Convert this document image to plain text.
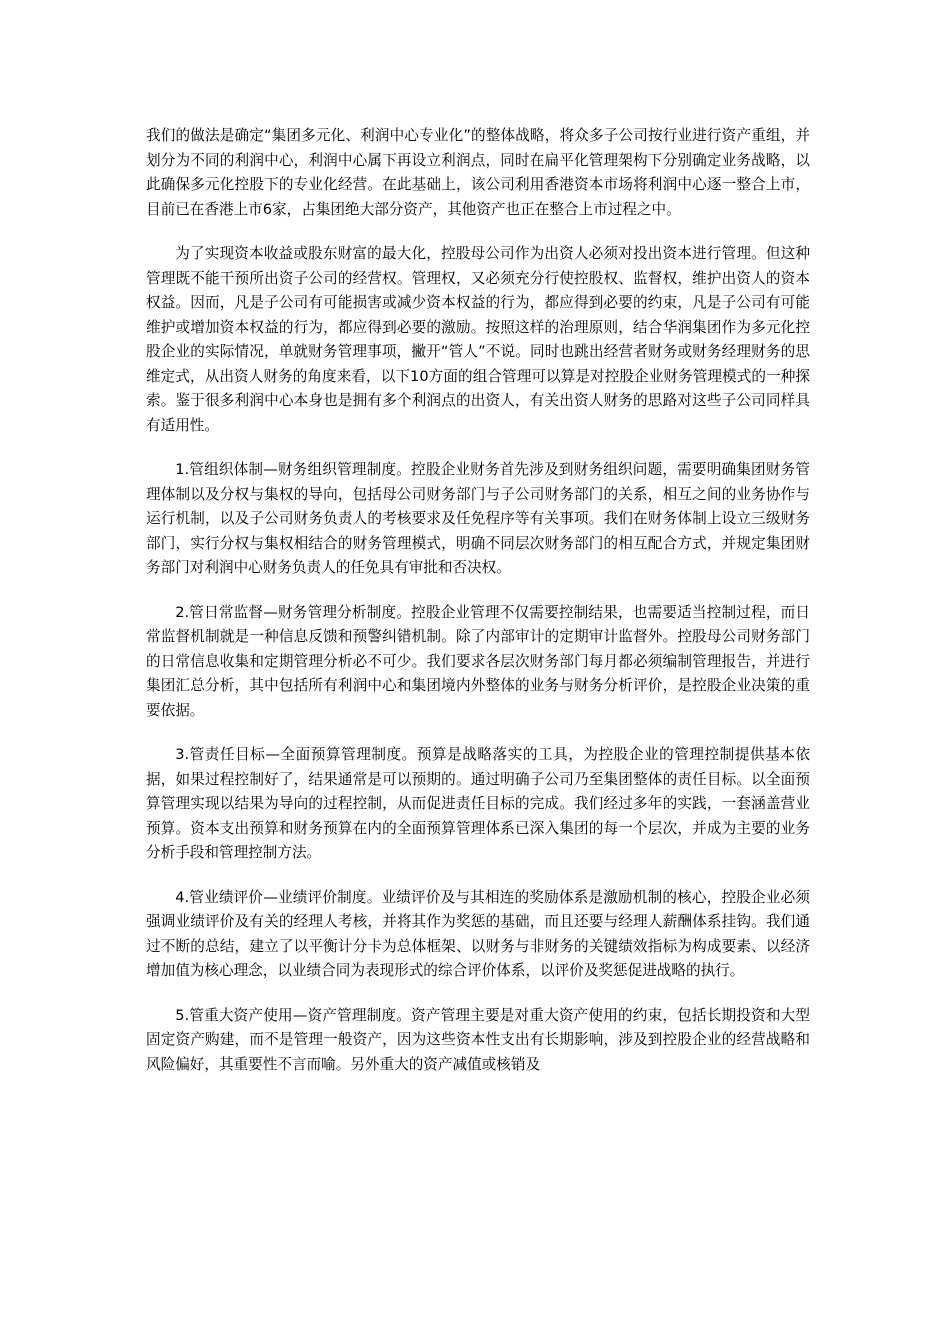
我们的做法是确定“集团多元化、利润中心专业化”的整体战略，将众多子公司按行业进行资产重组，并划分为不同的利润中心，利润中心属下再设立利润点，同时在扁平化管理架构下分别确定业务战略，以此确保多元化控股下的专业化经营。在此基础上，该公司利用香港资本市场将利润中心逐一整合上市，目前已在香港上市6家，占集团绝大部分资产，其他资产也正在整合上市过程之中。

为了实现资本收益或股东财富的最大化，控股母公司作为出资人必须对投出资本进行管理。但这种管理既不能干预所出资子公司的经营权。管理权，又必须充分行使控股权、监督权，维护出资人的资本权益。因而，凡是子公司有可能损害或减少资本权益的行为，都应得到必要的约束，凡是子公司有可能维护或增加资本权益的行为，都应得到必要的激励。按照这样的治理原则，结合华润集团作为多元化控股企业的实际情况，单就财务管理事项，撇开“管人”不说。同时也跳出经营者财务或财务经理财务的思维定式，从出资人财务的角度来看，以下10方面的组合管理可以算是对控股企业财务管理模式的一种探索。鉴于很多利润中心本身也是拥有多个利润点的出资人，有关出资人财务的思路对这些子公司同样具有适用性。

1.管组织体制—财务组织管理制度。控股企业财务首先涉及到财务组织问题，需要明确集团财务管理体制以及分权与集权的导向，包括母公司财务部门与子公司财务部门的关系，相互之间的业务协作与运行机制，以及子公司财务负责人的考核要求及任免程序等有关事项。我们在财务体制上设立三级财务部门，实行分权与集权相结合的财务管理模式，明确不同层次财务部门的相互配合方式，并规定集团财务部门对利润中心财务负责人的任免具有审批和否决权。

2.管日常监督—财务管理分析制度。控股企业管理不仅需要控制结果，也需要适当控制过程，而日常监督机制就是一种信息反馈和预警纠错机制。除了内部审计的定期审计监督外。控股母公司财务部门的日常信息收集和定期管理分析必不可少。我们要求各层次财务部门每月都必须编制管理报告，并进行集团汇总分析，其中包括所有利润中心和集团境内外整体的业务与财务分析评价，是控股企业决策的重要依据。

3.管责任目标—全面预算管理制度。预算是战略落实的工具，为控股企业的管理控制提供基本依据，如果过程控制好了，结果通常是可以预期的。通过明确子公司乃至集团整体的责任目标。以全面预算管理实现以结果为导向的过程控制，从而促进责任目标的完成。我们经过多年的实践，一套涵盖营业预算。资本支出预算和财务预算在内的全面预算管理体系已深入集团的每一个层次，并成为主要的业务分析手段和管理控制方法。

4.管业绩评价—业绩评价制度。业绩评价及与其相连的奖励体系是激励机制的核心，控股企业必须强调业绩评价及有关的经理人考核，并将其作为奖惩的基础，而且还要与经理人薪酬体系挂钩。我们通过不断的总结，建立了以平衡计分卡为总体框架、以财务与非财务的关键绩效指标为构成要素、以经济增加值为核心理念，以业绩合同为表现形式的综合评价体系，以评价及奖惩促进战略的执行。

5.管重大资产使用—资产管理制度。资产管理主要是对重大资产使用的约束，包括长期投资和大型固定资产购建，而不是管理一般资产，因为这些资本性支出有长期影响，涉及到控股企业的经营战略和风险偏好，其重要性不言而喻。另外重大的资产减值或核销及
